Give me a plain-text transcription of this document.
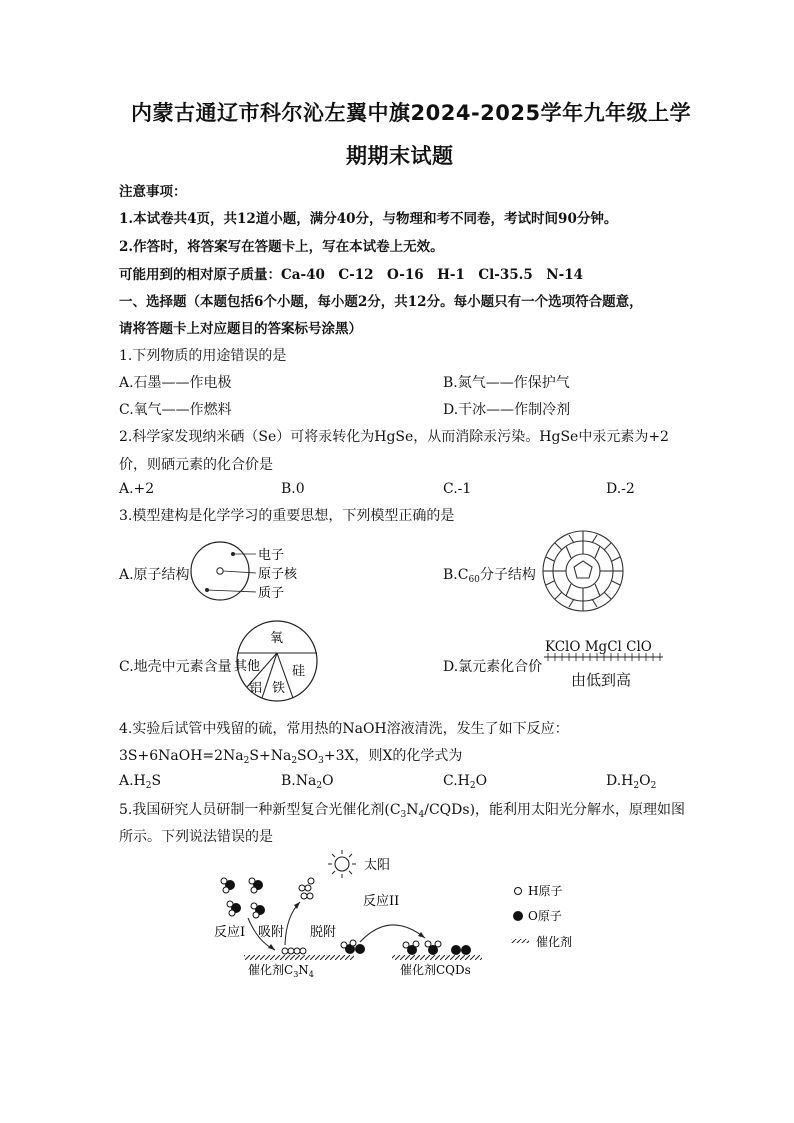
内蒙古通辽市科尔沁左翼中旗2024-2025学年九年级上学
期期末试题
注意事项：
1.本试卷共4页，共12道小题，满分40分，与物理和考不同卷，考试时间90分钟。
2.作答时，将答案写在答题卡上，写在本试卷上无效。
可能用到的相对原子质量：Ca-40　C-12　O-16　H-1　Cl-35.5　N-14
一、选择题（本题包括6个小题，每小题2分，共12分。每小题只有一个选项符合题意，
请将答题卡上对应题目的答案标号涂黑）
1.下列物质的用途错误的是
A.石墨——作电极	B.氮气——作保护气
C.氧气——作燃料	D.干冰——作制冷剂
2.科学家发现纳米硒（Se）可将汞转化为HgSe，从而消除汞污染。HgSe中汞元素为+2
价，则硒元素的化合价是
A.+2	B.0	C.-1	D.-2
3.模型建构是化学学习的重要思想，下列模型正确的是
A.原子结构
电子
原子核
质子
$B.C_{60}$分子结构
C.地壳中元素含量
氧
硅
铁
铝
其他	D.氯元素化合价
KClO MgCl ClO
由低到高
4.实验后试管中残留的硫，常用热的NaOH溶液清洗，发生了如下反应：
$3S+6NaOH=2Na_2S+Na_2SO_3+3X$，则X的化学式为
$A.H_2S$	$B.Na_2O$	$C.H_2O$	$D.H_2O_2$
5.我国研究人员研制一种新型复合光催化剂$(C_3N_4/CQDs)$，能利用太阳光分解水，原理如图
所示。下列说法错误的是
太阳
反应I 吸附 脱附
反应II
催化剂$C_3N_4$	催化剂CQDs
H原子
O原子
催化剂
